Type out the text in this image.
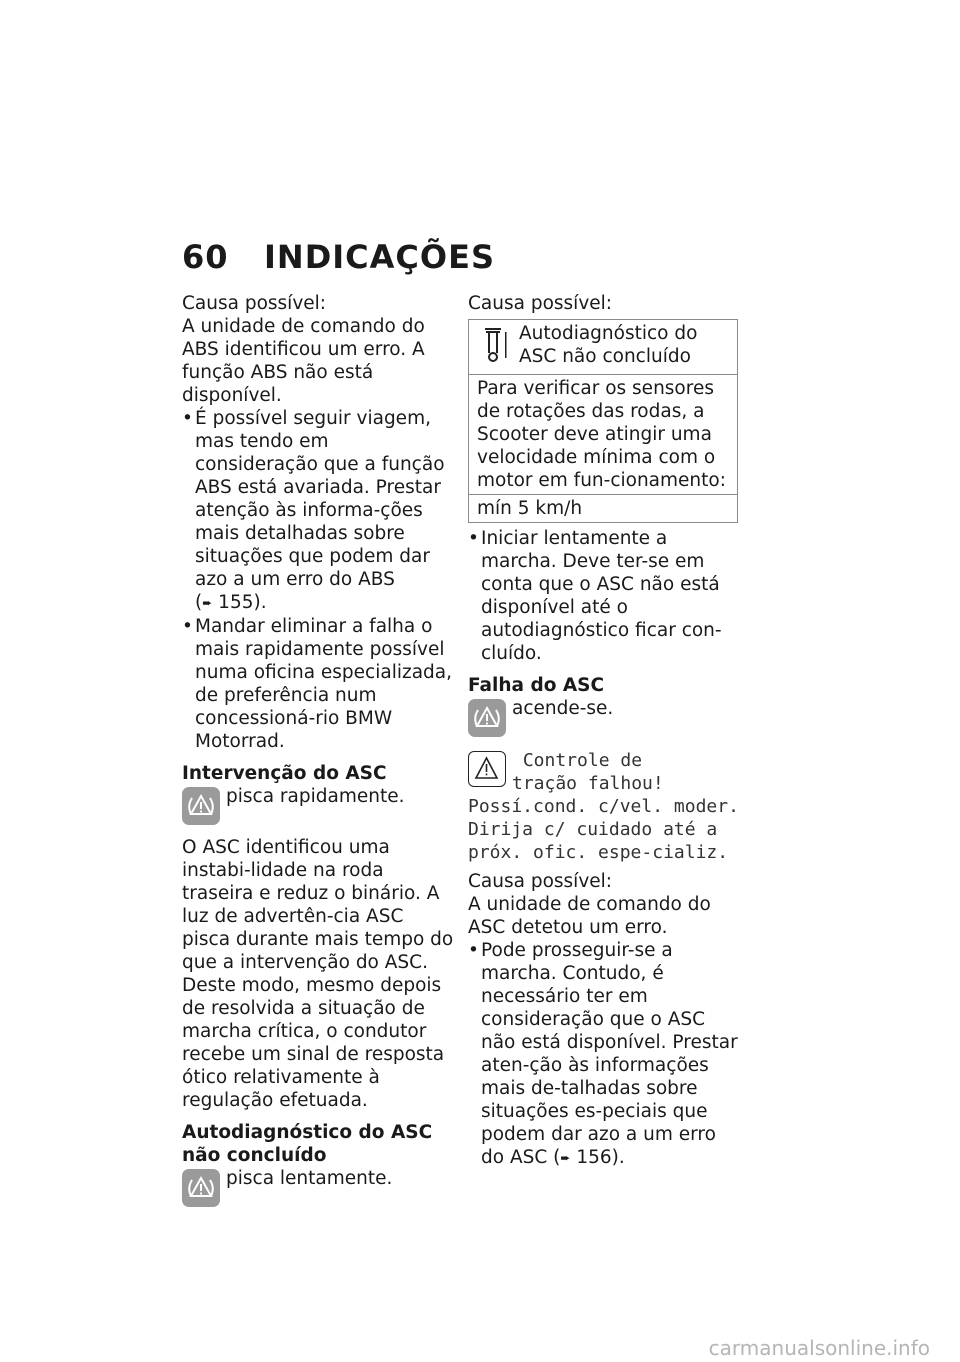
60 INDICAÇÕES

Causa possível:

A unidade de comando do ABS identificou um erro. A função ABS não está disponível.

• É possível seguir viagem, mas tendo em consideração que a função ABS está avariada. Prestar atenção às informa-ções mais detalhadas sobre situações que podem dar azo a um erro do ABS (➨ 155).
• Mandar eliminar a falha o mais rapidamente possível numa oficina especializada, de preferência num concessioná-rio BMW Motorrad.

Intervenção do ASC

pisca rapidamente.

O ASC identificou uma instabi-lidade na roda traseira e reduz o binário. A luz de advertên-cia ASC pisca durante mais tempo do que a intervenção do ASC. Deste modo, mesmo depois de resolvida a situação de marcha crítica, o condutor recebe um sinal de resposta ótico relativamente à regulação efetuada.

Autodiagnóstico do ASC não concluído

pisca lentamente.

Causa possível:

Autodiagnóstico do ASC não concluído
Para verificar os sensores de rotações das rodas, a Scooter deve atingir uma velocidade mínima com o motor em fun-cionamento:
mín 5 km/h
• Iniciar lentamente a marcha. Deve ter-se em conta que o ASC não está disponível até o autodiagnóstico ficar con-cluído.

Falha do ASC

acende-se.
Controle de
tração falhou!
Possí.cond. c/vel. moder. Dirija c/ cuidado até a próx. ofic. espe-cializ.

Causa possível:

A unidade de comando do ASC detetou um erro.

• Pode prosseguir-se a marcha. Contudo, é necessário ter em consideração que o ASC não está disponível. Prestar aten-ção às informações mais de-talhadas sobre situações es-peciais que podem dar azo a um erro do ASC (➨ 156).
carmanualsonline.info
